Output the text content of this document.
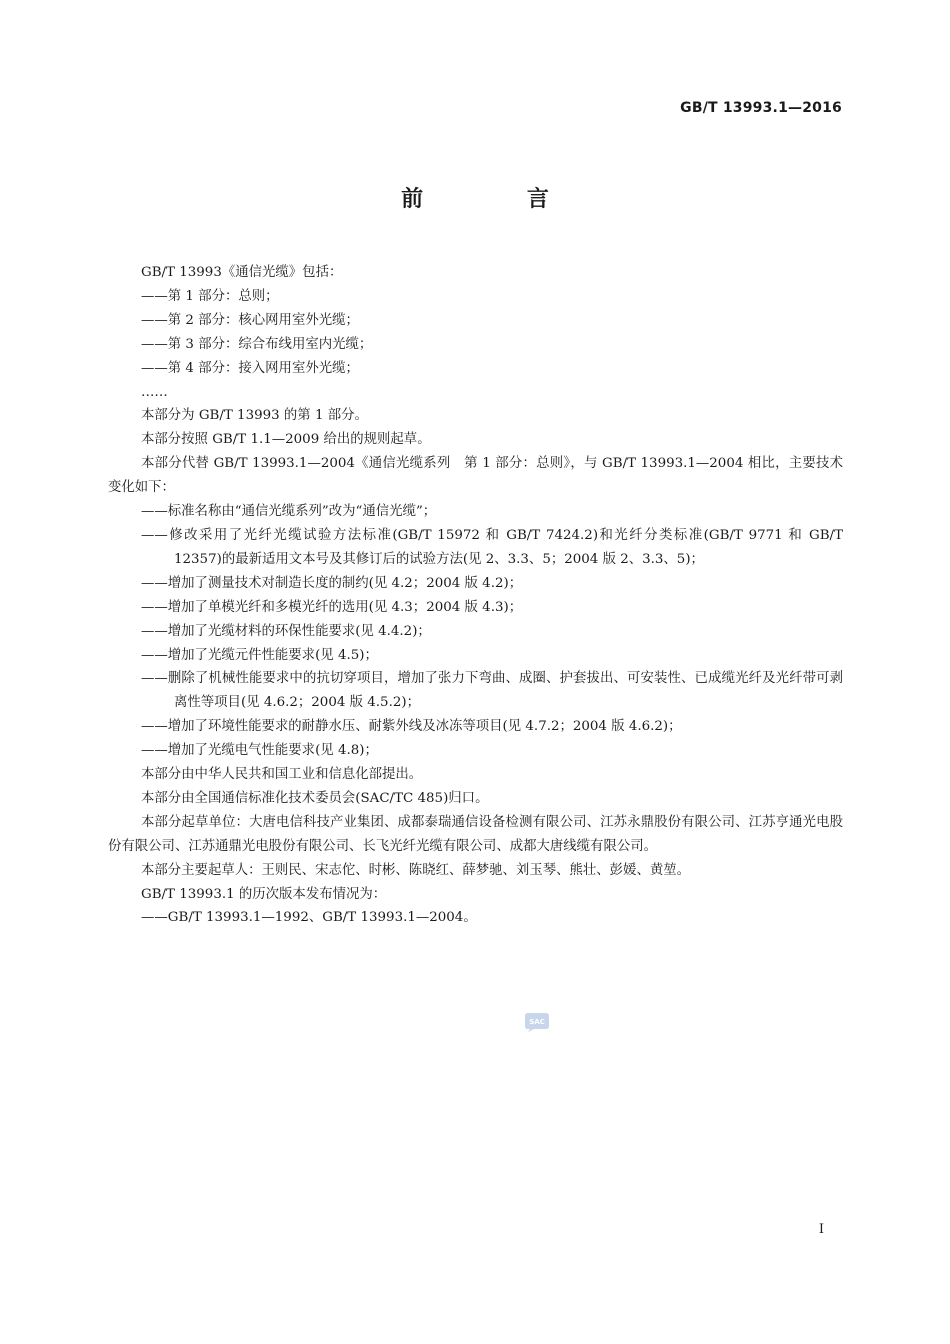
GB/T 13993.1—2016
前 言
GB/T 13993《通信光缆》包括：
——第 1 部分：总则；
——第 2 部分：核心网用室外光缆；
——第 3 部分：综合布线用室内光缆；
——第 4 部分：接入网用室外光缆；
……
本部分为 GB/T 13993 的第 1 部分。
本部分按照 GB/T 1.1—2009 给出的规则起草。
本部分代替 GB/T 13993.1—2004《通信光缆系列　第 1 部分：总则》，与 GB/T 13993.1—2004 相比，主要技术变化如下：
——标准名称由“通信光缆系列”改为“通信光缆”；
——修改采用了光纤光缆试验方法标准(GB/T 15972 和 GB/T 7424.2)和光纤分类标准(GB/T 9771 和 GB/T 12357)的最新适用文本号及其修订后的试验方法(见 2、3.3、5；2004 版 2、3.3、5)；
——增加了测量技术对制造长度的制约(见 4.2；2004 版 4.2)；
——增加了单模光纤和多模光纤的选用(见 4.3；2004 版 4.3)；
——增加了光缆材料的环保性能要求(见 4.4.2)；
——增加了光缆元件性能要求(见 4.5)；
——删除了机械性能要求中的抗切穿项目，增加了张力下弯曲、成圈、护套拔出、可安装性、已成缆光纤及光纤带可剥离性等项目(见 4.6.2；2004 版 4.5.2)；
——增加了环境性能要求的耐静水压、耐紫外线及冰冻等项目(见 4.7.2；2004 版 4.6.2)；
——增加了光缆电气性能要求(见 4.8)；
本部分由中华人民共和国工业和信息化部提出。
本部分由全国通信标准化技术委员会(SAC/TC 485)归口。
本部分起草单位：大唐电信科技产业集团、成都泰瑞通信设备检测有限公司、江苏永鼎股份有限公司、江苏亨通光电股份有限公司、江苏通鼎光电股份有限公司、长飞光纤光缆有限公司、成都大唐线缆有限公司。
本部分主要起草人：王则民、宋志佗、时彬、陈晓红、薛梦驰、刘玉琴、熊壮、彭媛、黄堃。
GB/T 13993.1 的历次版本发布情况为：
——GB/T 13993.1—1992、GB/T 13993.1—2004。
SAC
I
